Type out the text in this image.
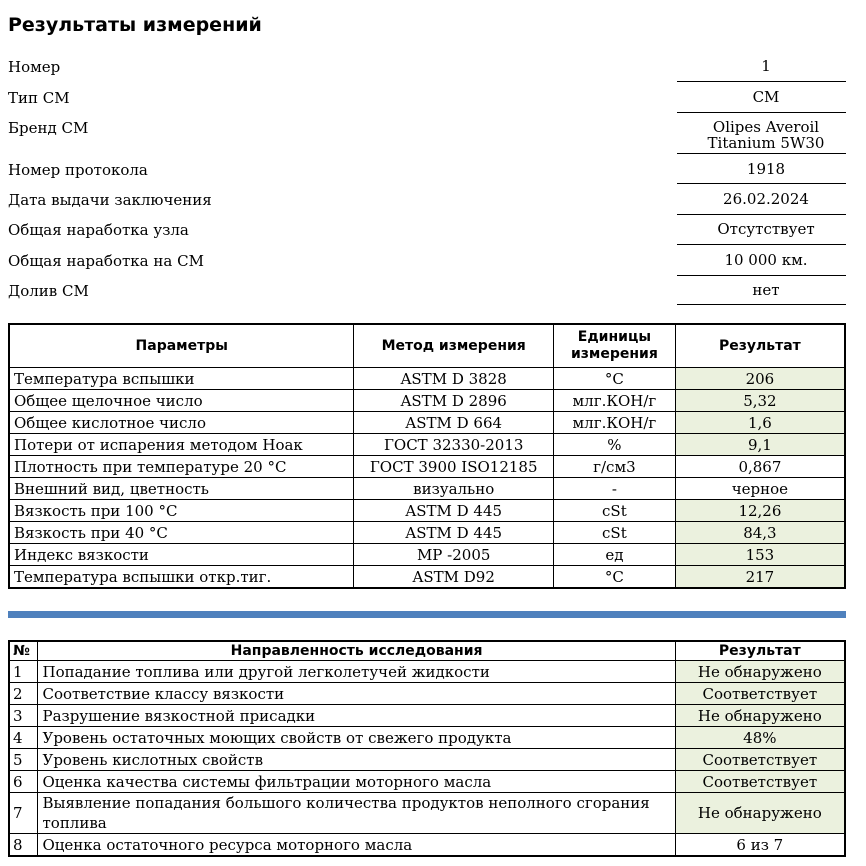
Результаты измерений
Номер	1
Тип СМ	СМ
Бренд СМ	Olipes Averoil Titanium 5W30
Номер протокола	1918
Дата выдачи заключения	26.02.2024
Общая наработка узла	Отсутствует
Общая наработка на СМ	10 000 км.
Долив СМ	нет
Параметры	Метод измерения	Единицы измерения	Результат
Температура вспышки	ASTM D 3828	°С	206
Общее щелочное число	ASTM D 2896	млг.КОН/г	5,32
Общее кислотное число	ASTM D 664	млг.КОН/г	1,6
Потери от испарения методом Ноак	ГОСТ 32330-2013	%	9,1
Плотность при температуре 20 °С	ГОСТ 3900 ISO12185	г/см3	0,867
Внешний вид, цветность	визуально	-	черное
Вязкость при 100 °С	ASTM D 445	cSt	12,26
Вязкость при 40 °С	ASTM D 445	cSt	84,3
Индекс вязкости	МР -2005	ед	153
Температура вспышки откр.тиг.	ASTM D92	°С	217
№	Направленность исследования	Результат
1	Попадание топлива или другой легколетучей жидкости	Не обнаружено
2	Соответствие классу вязкости	Соответствует
3	Разрушение вязкостной присадки	Не обнаружено
4	Уровень остаточных моющих свойств от свежего продукта	48%
5	Уровень кислотных свойств	Соответствует
6	Оценка качества системы фильтрации моторного масла	Соответствует
7	Выявление попадания большого количества продуктов неполного сгорания топлива	Не обнаружено
8	Оценка остаточного ресурса моторного масла	6 из 7
